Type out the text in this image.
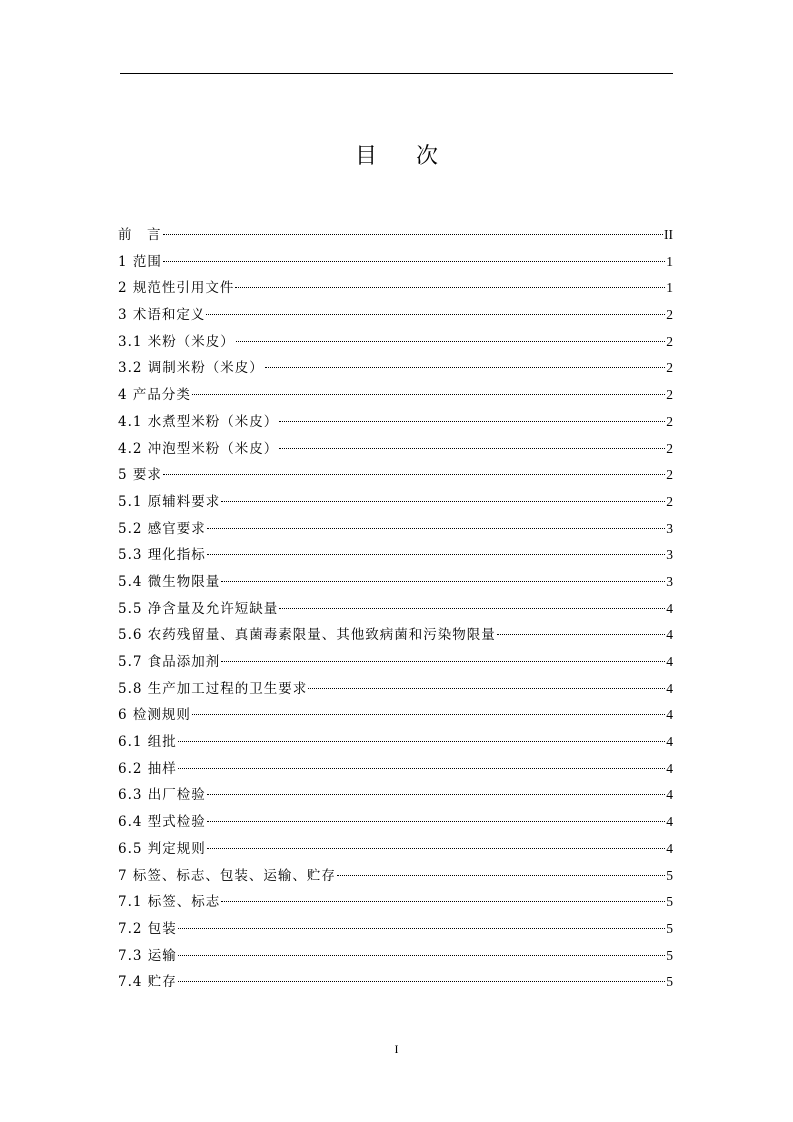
目 次
前　言	II
1 范围	1
2 规范性引用文件	1
3 术语和定义	2
3.1 米粉（米皮）	2
3.2 调制米粉（米皮）	2
4 产品分类	2
4.1 水煮型米粉（米皮）	2
4.2 冲泡型米粉（米皮）	2
5 要求	2
5.1 原辅料要求	2
5.2 感官要求	3
5.3 理化指标	3
5.4 微生物限量	3
5.5 净含量及允许短缺量	4
5.6 农药残留量、真菌毒素限量、其他致病菌和污染物限量	4
5.7 食品添加剂	4
5.8 生产加工过程的卫生要求	4
6 检测规则	4
6.1 组批	4
6.2 抽样	4
6.3 出厂检验	4
6.4 型式检验	4
6.5 判定规则	4
7 标签、标志、包装、运输、贮存	5
7.1 标签、标志	5
7.2 包装	5
7.3 运输	5
7.4 贮存	5
I
